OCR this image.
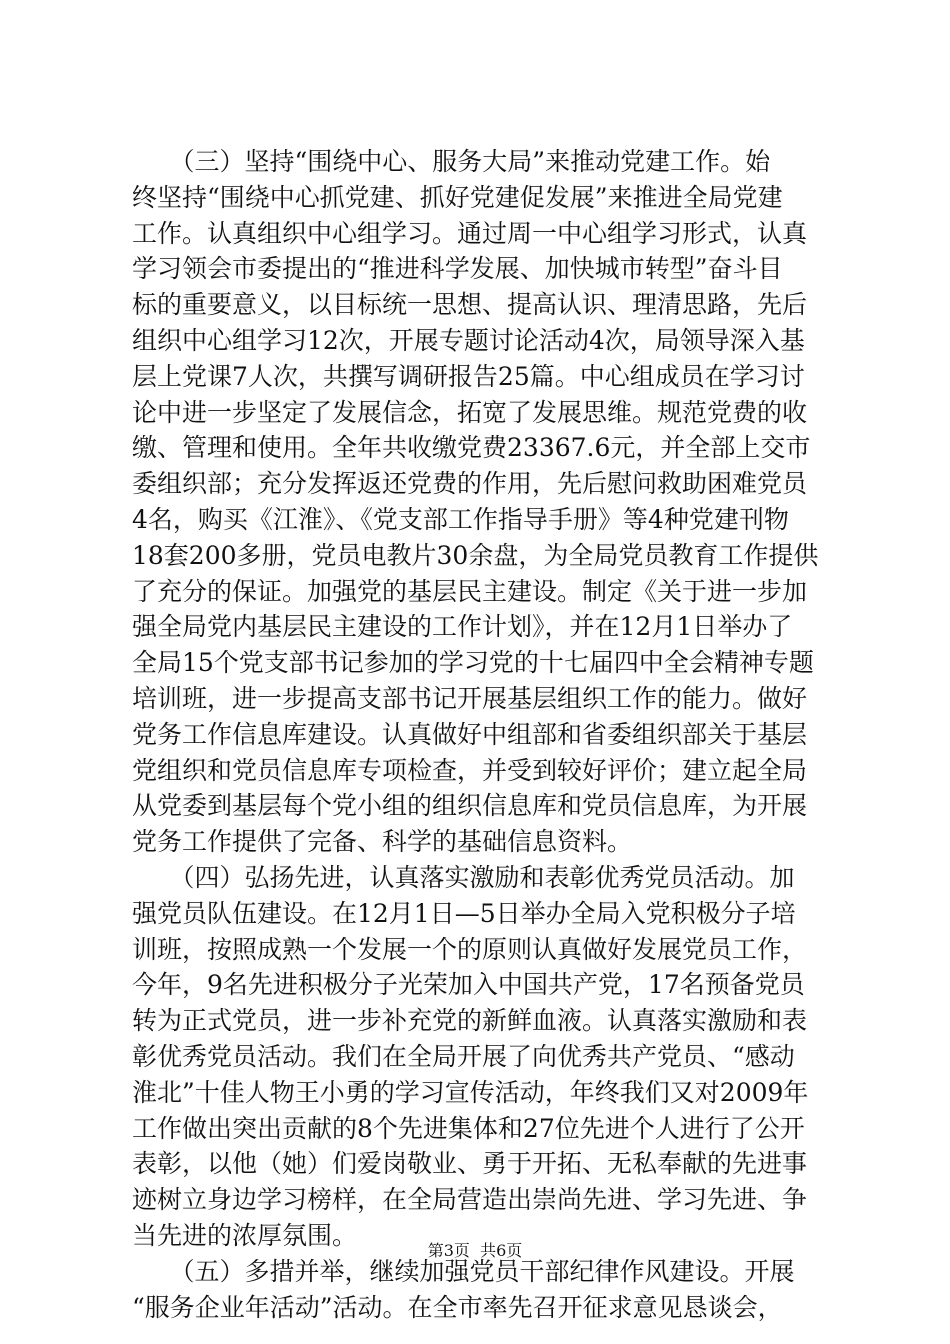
　　（三）坚持“围绕中心、服务大局”来推动党建工作。始
终坚持“围绕中心抓党建、抓好党建促发展”来推进全局党建
工作。认真组织中心组学习。通过周一中心组学习形式，认真
学习领会市委提出的“推进科学发展、加快城市转型”奋斗目
标的重要意义，以目标统一思想、提高认识、理清思路，先后
组织中心组学习12次，开展专题讨论活动4次，局领导深入基
层上党课7人次，共撰写调研报告25篇。中心组成员在学习讨
论中进一步坚定了发展信念，拓宽了发展思维。规范党费的收
缴、管理和使用。全年共收缴党费23367.6元，并全部上交市
委组织部；充分发挥返还党费的作用，先后慰问救助困难党员
4名，购买《江淮》、《党支部工作指导手册》等4种党建刊物
18套200多册，党员电教片30余盘，为全局党员教育工作提供
了充分的保证。加强党的基层民主建设。制定《关于进一步加
强全局党内基层民主建设的工作计划》，并在12月1日举办了
全局15个党支部书记参加的学习党的十七届四中全会精神专题
培训班，进一步提高支部书记开展基层组织工作的能力。做好
党务工作信息库建设。认真做好中组部和省委组织部关于基层
党组织和党员信息库专项检查，并受到较好评价；建立起全局
从党委到基层每个党小组的组织信息库和党员信息库，为开展
党务工作提供了完备、科学的基础信息资料。
　　（四）弘扬先进，认真落实激励和表彰优秀党员活动。加
强党员队伍建设。在12月1日—5日举办全局入党积极分子培
训班，按照成熟一个发展一个的原则认真做好发展党员工作，
今年，9名先进积极分子光荣加入中国共产党，17名预备党员
转为正式党员，进一步补充党的新鲜血液。认真落实激励和表
彰优秀党员活动。我们在全局开展了向优秀共产党员、“感动
淮北”十佳人物王小勇的学习宣传活动，年终我们又对2009年
工作做出突出贡献的8个先进集体和27位先进个人进行了公开
表彰，以他（她）们爱岗敬业、勇于开拓、无私奉献的先进事
迹树立身边学习榜样，在全局营造出崇尚先进、学习先进、争
当先进的浓厚氛围。
　　（五）多措并举，继续加强党员干部纪律作风建设。开展
“服务企业年活动”活动。在全市率先召开征求意见恳谈会，
第3页  共6页
